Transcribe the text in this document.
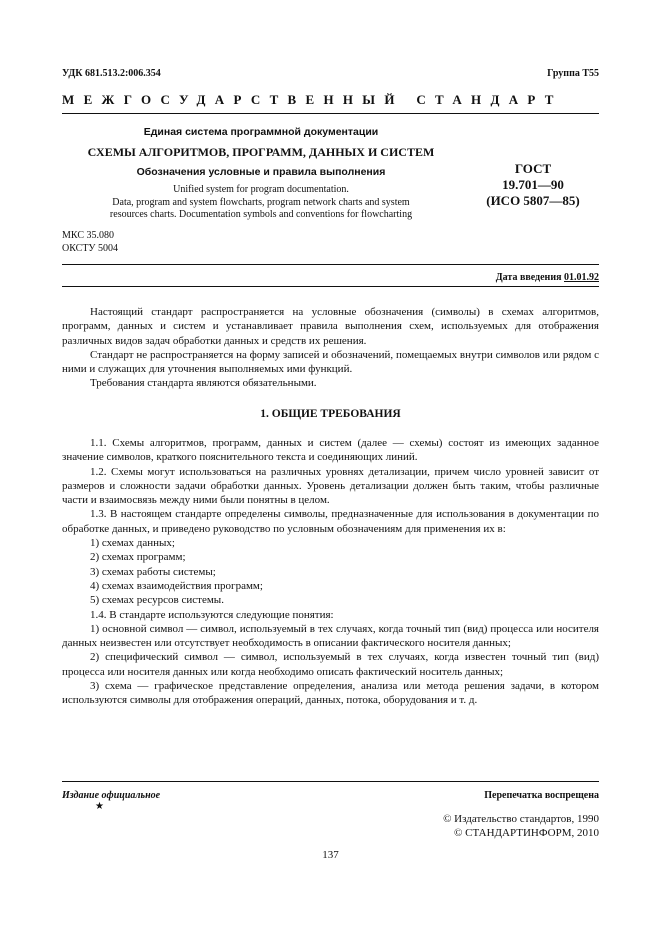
УДК 681.513.2:006.354	Группа Т55
МЕЖГОСУДАРСТВЕННЫЙ СТАНДАРТ
Единая система программной документации
СХЕМЫ АЛГОРИТМОВ, ПРОГРАММ, ДАННЫХ И СИСТЕМ
Обозначения условные и правила выполнения
Unified system for program documentation.
Data, program and system flowcharts, program network charts and system
resources charts. Documentation symbols and conventions for flowcharting
ГОСТ
19.701—90
(ИСО 5807—85)
МКС 35.080
ОКСТУ 5004
Дата введения 01.01.92

Настоящий стандарт распространяется на условные обозначения (символы) в схемах алгоритмов, программ, данных и систем и устанавливает правила выполнения схем, используемых для отображения различных видов задач обработки данных и средств их решения.

Стандарт не распространяется на форму записей и обозначений, помещаемых внутри символов или рядом с ними и служащих для уточнения выполняемых ими функций.

Требования стандарта являются обязательными.

1. ОБЩИЕ ТРЕБОВАНИЯ

1.1. Схемы алгоритмов, программ, данных и систем (далее — схемы) состоят из имеющих заданное значение символов, краткого пояснительного текста и соединяющих линий.

1.2. Схемы могут использоваться на различных уровнях детализации, причем число уровней зависит от размеров и сложности задачи обработки данных. Уровень детализации должен быть таким, чтобы различные части и взаимосвязь между ними были понятны в целом.

1.3. В настоящем стандарте определены символы, предназначенные для использования в документации по обработке данных, и приведено руководство по условным обозначениям для применения их в:

1) схемах данных;

2) схемах программ;

3) схемах работы системы;

4) схемах взаимодействия программ;

5) схемах ресурсов системы.

1.4. В стандарте используются следующие понятия:

1) основной символ — символ, используемый в тех случаях, когда точный тип (вид) процесса или носителя данных неизвестен или отсутствует необходимость в описании фактического носителя данных;

2) специфический символ — символ, используемый в тех случаях, когда известен точный тип (вид) процесса или носителя данных или когда необходимо описать фактический носитель данных;

3) схема — графическое представление определения, анализа или метода решения задачи, в котором используются символы для отображения операций, данных, потока, оборудования и т. д.

Издание официальное
★
Перепечатка воспрещена
© Издательство стандартов, 1990
© СТАНДАРТИНФОРМ, 2010
137
